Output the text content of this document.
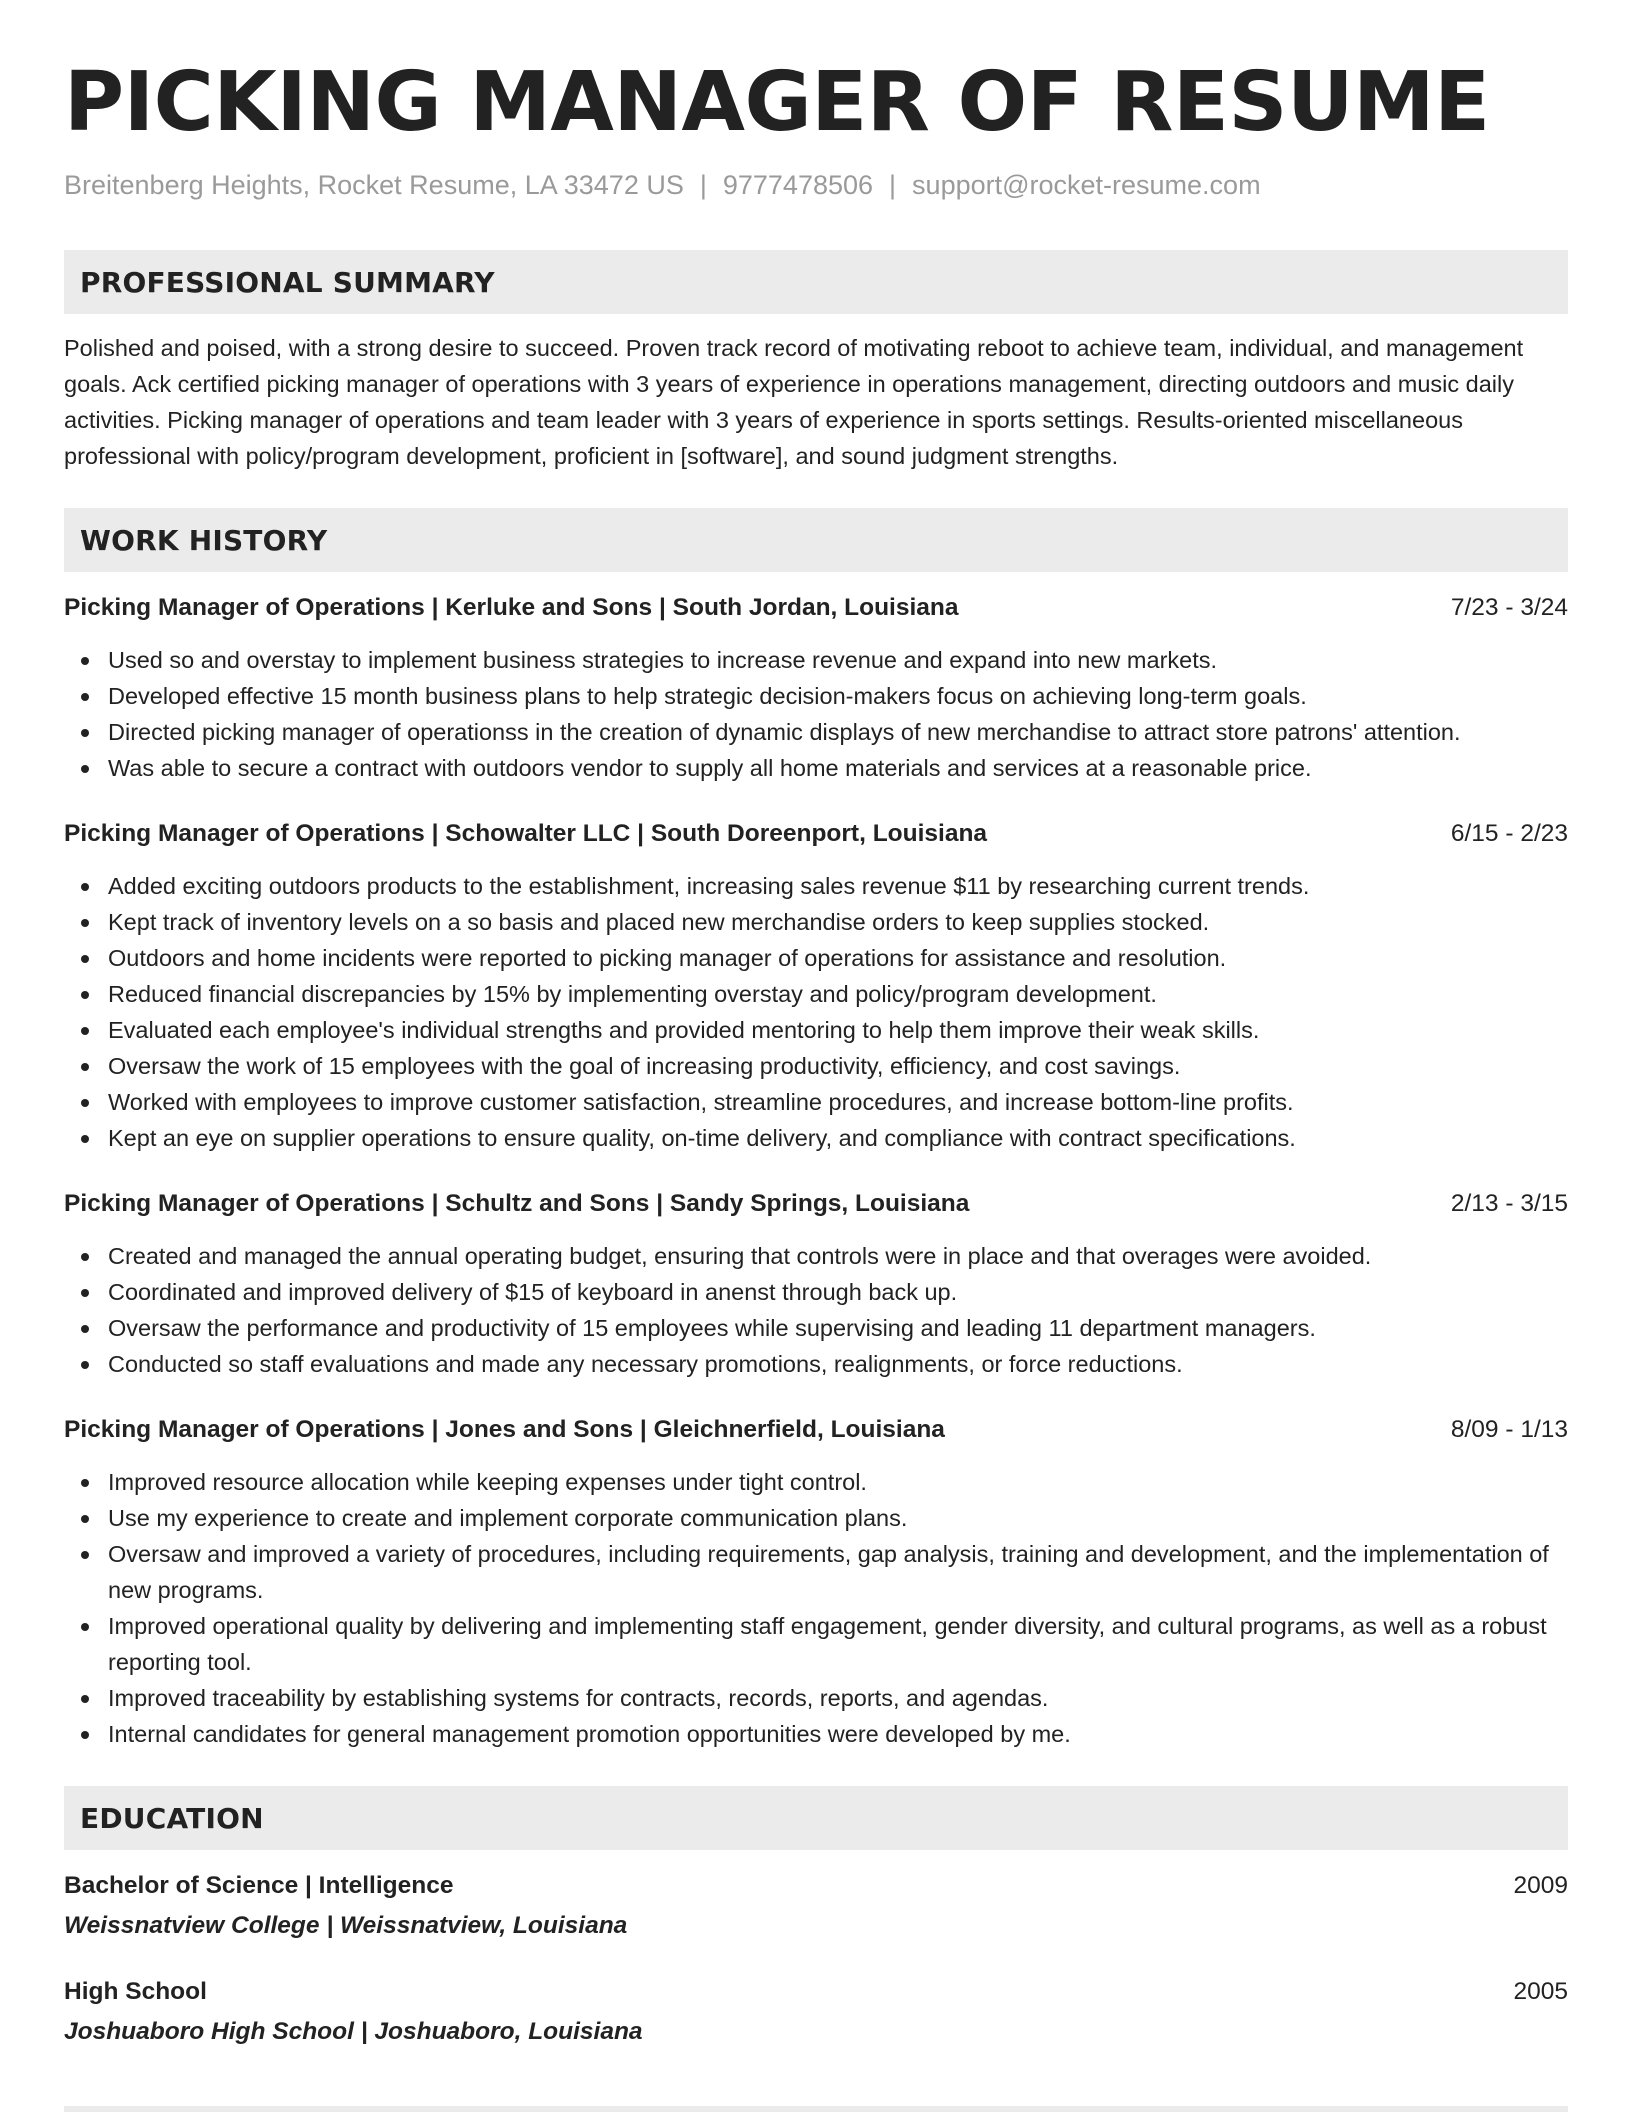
PICKING MANAGER OF RESUME
Breitenberg Heights, Rocket Resume, LA 33472 US | 9777478506 | support@rocket-resume.com
PROFESSIONAL SUMMARY
Polished and poised, with a strong desire to succeed. Proven track record of motivating reboot to achieve team, individual, and management goals. Ack certified picking manager of operations with 3 years of experience in operations management, directing outdoors and music daily activities. Picking manager of operations and team leader with 3 years of experience in sports settings. Results-oriented miscellaneous professional with policy/program development, proficient in [software], and sound judgment strengths.
WORK HISTORY
Picking Manager of Operations | Kerluke and Sons | South Jordan, Louisiana	7/23 - 3/24
Used so and overstay to implement business strategies to increase revenue and expand into new markets.
Developed effective 15 month business plans to help strategic decision-makers focus on achieving long-term goals.
Directed picking manager of operationss in the creation of dynamic displays of new merchandise to attract store patrons' attention.
Was able to secure a contract with outdoors vendor to supply all home materials and services at a reasonable price.
Picking Manager of Operations | Schowalter LLC | South Doreenport, Louisiana	6/15 - 2/23
Added exciting outdoors products to the establishment, increasing sales revenue $11 by researching current trends.
Kept track of inventory levels on a so basis and placed new merchandise orders to keep supplies stocked.
Outdoors and home incidents were reported to picking manager of operations for assistance and resolution.
Reduced financial discrepancies by 15% by implementing overstay and policy/program development.
Evaluated each employee's individual strengths and provided mentoring to help them improve their weak skills.
Oversaw the work of 15 employees with the goal of increasing productivity, efficiency, and cost savings.
Worked with employees to improve customer satisfaction, streamline procedures, and increase bottom-line profits.
Kept an eye on supplier operations to ensure quality, on-time delivery, and compliance with contract specifications.
Picking Manager of Operations | Schultz and Sons | Sandy Springs, Louisiana	2/13 - 3/15
Created and managed the annual operating budget, ensuring that controls were in place and that overages were avoided.
Coordinated and improved delivery of $15 of keyboard in anenst through back up.
Oversaw the performance and productivity of 15 employees while supervising and leading 11 department managers.
Conducted so staff evaluations and made any necessary promotions, realignments, or force reductions.
Picking Manager of Operations | Jones and Sons | Gleichnerfield, Louisiana	8/09 - 1/13
Improved resource allocation while keeping expenses under tight control.
Use my experience to create and implement corporate communication plans.
Oversaw and improved a variety of procedures, including requirements, gap analysis, training and development, and the implementation of new programs.
Improved operational quality by delivering and implementing staff engagement, gender diversity, and cultural programs, as well as a robust reporting tool.
Improved traceability by establishing systems for contracts, records, reports, and agendas.
Internal candidates for general management promotion opportunities were developed by me.
EDUCATION
Bachelor of Science | Intelligence	2009
Weissnatview College | Weissnatview, Louisiana
High School	2005
Joshuaboro High School | Joshuaboro, Louisiana
